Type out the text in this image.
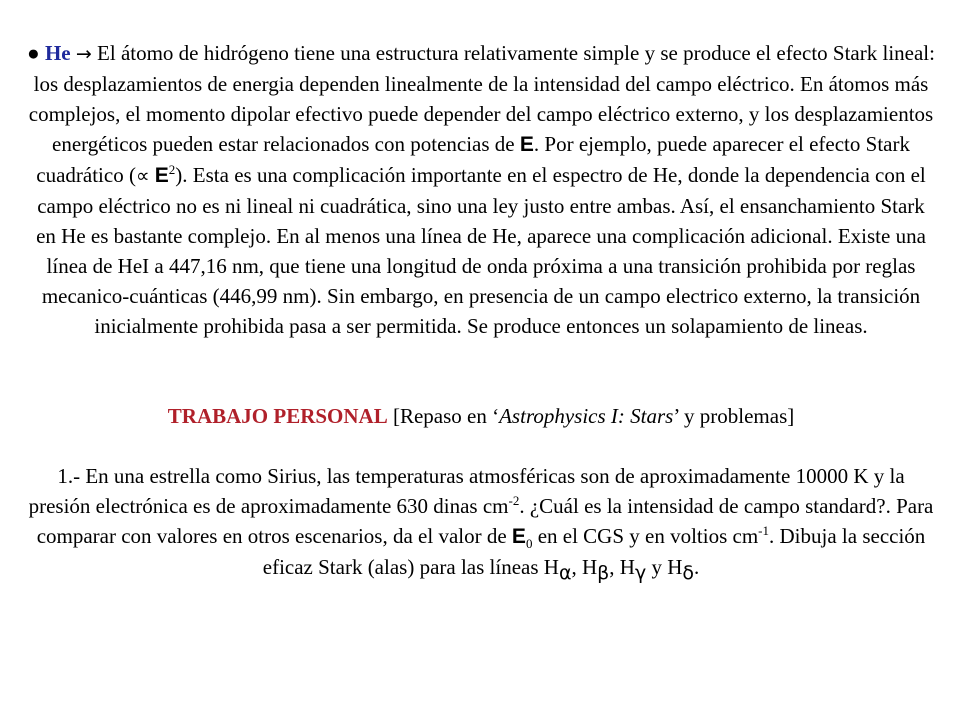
● He → El átomo de hidrógeno tiene una estructura relativamente simple y se produce el efecto Stark lineal: los desplazamientos de energia dependen linealmente de la intensidad del campo eléctrico. En átomos más complejos, el momento dipolar efectivo puede depender del campo eléctrico externo, y los desplazamientos energéticos pueden estar relacionados con potencias de E. Por ejemplo, puede aparecer el efecto Stark cuadrático (∝ $E^2$). Esta es una complicación importante en el espectro de He, donde la dependencia con el campo eléctrico no es ni lineal ni cuadrática, sino una ley justo entre ambas. Así, el ensanchamiento Stark en He es bastante complejo. En al menos una línea de He, aparece una complicación adicional. Existe una línea de HeI a 447,16 nm, que tiene una longitud de onda próxima a una transición prohibida por reglas mecanico-cuánticas (446,99 nm). Sin embargo, en presencia de un campo electrico externo, la transición inicialmente prohibida pasa a ser permitida. Se produce entonces un solapamiento de lineas.

TRABAJO PERSONAL [Repaso en ‘Astrophysics I: Stars’ y problemas]

1.- En una estrella como Sirius, las temperaturas atmosféricas son de aproximadamente 10000 K y la presión electrónica es de aproximadamente 630 dinas $cm^{-2}$. ¿Cuál es la intensidad de campo standard?. Para comparar con valores en otros escenarios, da el valor de $E_0$ en el CGS y en voltios $cm^{-1}$. Dibuja la sección eficaz Stark (alas) para las líneas $H_\alpha$, $H_\beta$, $H_\gamma$ y $H_\delta$.
